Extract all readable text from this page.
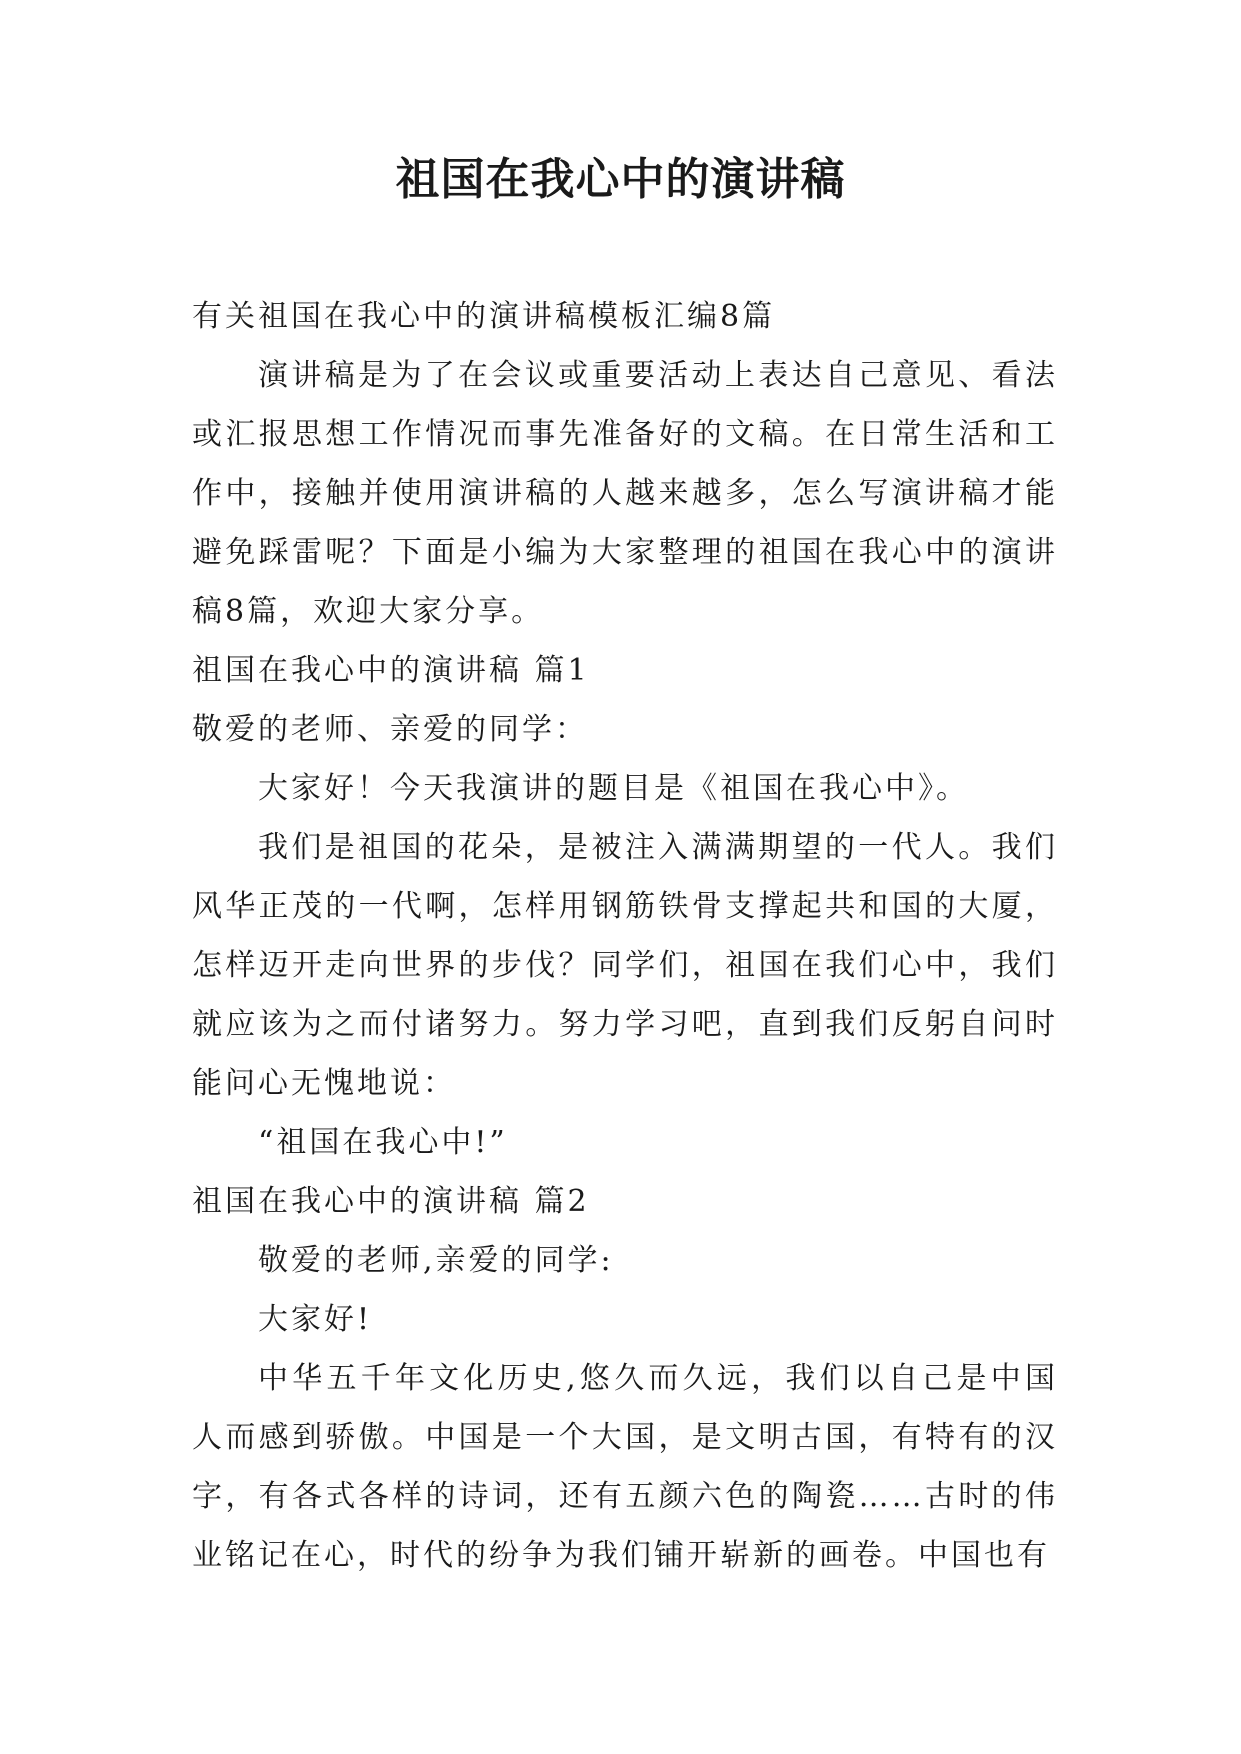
祖国在我心中的演讲稿

有关祖国在我心中的演讲稿模板汇编8篇

演讲稿是为了在会议或重要活动上表达自己意见、看法或汇报思想工作情况而事先准备好的文稿。在日常生活和工作中，接触并使用演讲稿的人越来越多，怎么写演讲稿才能避免踩雷呢？下面是小编为大家整理的祖国在我心中的演讲稿8篇，欢迎大家分享。

祖国在我心中的演讲稿 篇1

敬爱的老师、亲爱的同学：

大家好！今天我演讲的题目是《祖国在我心中》。

我们是祖国的花朵，是被注入满满期望的一代人。我们风华正茂的一代啊，怎样用钢筋铁骨支撑起共和国的大厦，怎样迈开走向世界的步伐？同学们，祖国在我们心中，我们就应该为之而付诸努力。努力学习吧，直到我们反躬自问时能问心无愧地说：

“祖国在我心中!”

祖国在我心中的演讲稿 篇2

敬爱的老师,亲爱的同学:

大家好!

中华五千年文化历史,悠久而久远，我们以自己是中国人而感到骄傲。中国是一个大国，是文明古国，有特有的汉字，有各式各样的诗词，还有五颜六色的陶瓷……古时的伟业铭记在心，时代的纷争为我们铺开崭新的画卷。中国也有
